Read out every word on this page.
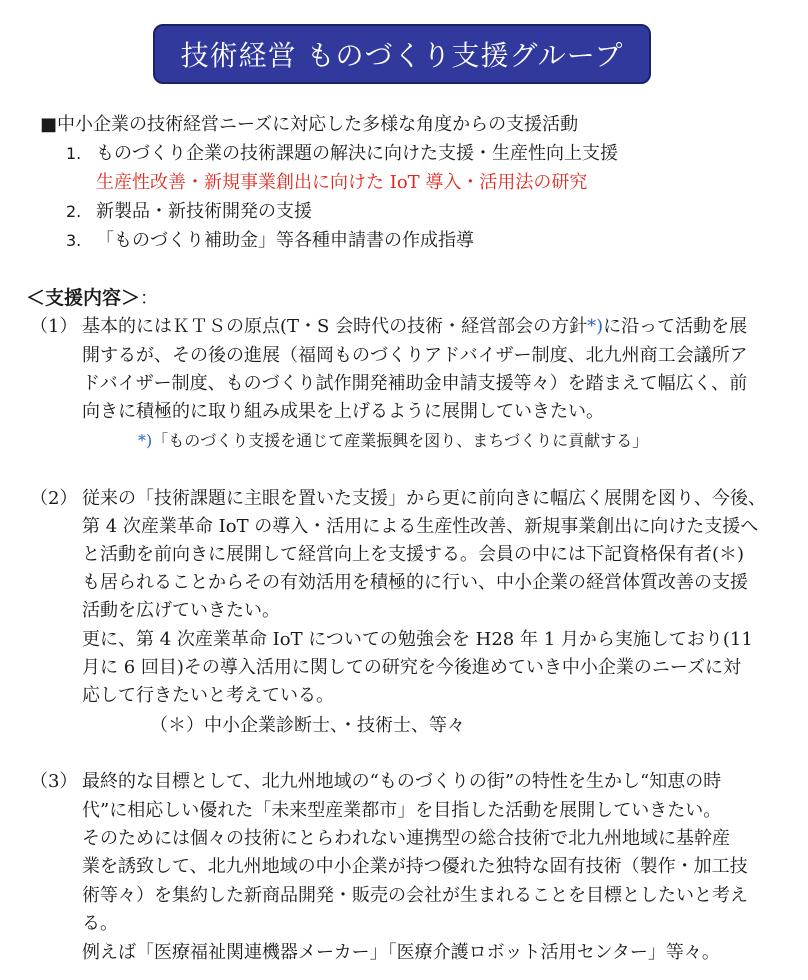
技術経営 ものづくり支援グループ
■中小企業の技術経営ニーズに対応した多様な角度からの支援活動
1. ものづくり企業の技術課題の解決に向けた支援・生産性向上支援
生産性改善・新規事業創出に向けた IoT 導入・活用法の研究
2. 新製品・新技術開発の支援
3. 「ものづくり補助金」等各種申請書の作成指導
＜支援内容＞：
（1） 基本的にはＫＴＳの原点(T・S 会時代の技術・経営部会の方針*)に沿って活動を展
開するが、その後の進展（福岡ものづくりアドバイザー制度、北九州商工会議所ア
ドバイザー制度、ものづくり試作開発補助金申請支援等々）を踏まえて幅広く、前
向きに積極的に取り組み成果を上げるように展開していきたい。
*)「ものづくり支援を通じて産業振興を図り、まちづくりに貢献する」
（2） 従来の「技術課題に主眼を置いた支援」から更に前向きに幅広く展開を図り、今後、
第 4 次産業革命 IoT の導入・活用による生産性改善、新規事業創出に向けた支援へ
と活動を前向きに展開して経営向上を支援する。会員の中には下記資格保有者(＊)
も居られることからその有効活用を積極的に行い、中小企業の経営体質改善の支援
活動を広げていきたい。
更に、第 4 次産業革命 IoT についての勉強会を H28 年 1 月から実施しており(11
月に 6 回目)その導入活用に関しての研究を今後進めていき中小企業のニーズに対
応して行きたいと考えている。
（＊）中小企業診断士、・技術士、等々
（3） 最終的な目標として、北九州地域の“ものづくりの街”の特性を生かし“知恵の時
代”に相応しい優れた「未来型産業都市」を目指した活動を展開していきたい。
そのためには個々の技術にとらわれない連携型の総合技術で北九州地域に基幹産
業を誘致して、北九州地域の中小企業が持つ優れた独特な固有技術（製作・加工技
術等々）を集約した新商品開発・販売の会社が生まれることを目標としたいと考え
る。
例えば「医療福祉関連機器メーカー」「医療介護ロボット活用センター」等々。
